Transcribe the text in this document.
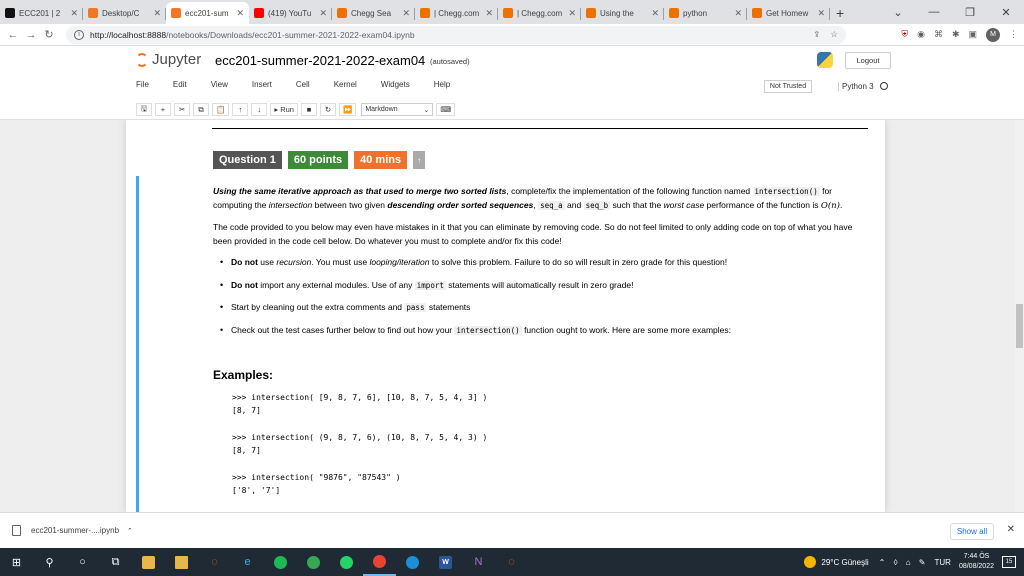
ECC201 | 2	✕	Desktop/C	✕	ecc201-sum ✕	(419) YouTu ✕	Chegg Sea	✕	| Chegg.com ✕	| Chegg.com ✕	Using the	✕	python	✕	Get Homew	✕ +	⌄	—	❐	✕
← → ↻	i	http://localhost:8888 /notebooks/Downloads/ecc201-summer-2021-2022-exam04.ipynb	⇪ ☆	⛨ ◉ ⌘ ✱ ▣	M	⋮
Jupyter ecc201-summer-2021-2022-exam04 (autosaved)	Logout
File	Edit	View	Insert	Cell	Kernel	Widgets	Help	Not Trusted	Python 3
🖫	+	✂	⧉	📋	↑	↓	▸ Run	■	↻	⏩	Markdown	⌄	⌨
Question 1	60 points	40 mins	↑

Using the same iterative approach as that used to merge two sorted lists, complete/fix the implementation of the following function named intersection() for computing the intersection between two given descending order sorted sequences, seq_a and seq_b such that the worst case performance of the function is O(n).

The code provided to you below may even have mistakes in it that you can eliminate by removing code. So do not feel limited to only adding code on top of what you have been provided in the code cell below. Do whatever you must to complete and/or fix this code!

• Do not use recursion. You must use looping/iteration to solve this problem. Failure to do so will result in zero grade for this question!
• Do not import any external modules. Use of any import statements will automatically result in zero grade!
• Start by cleaning out the extra comments and pass statements
• Check out the test cases further below to find out how your intersection() function ought to work. Here are some more examples:
Examples:
>>> intersection( [9, 8, 7, 6], [10, 8, 7, 5, 4, 3] )
[8, 7]
>>> intersection( (9, 8, 7, 6), (10, 8, 7, 5, 4, 3) )
[8, 7]
>>> intersection( "9876", "87543" )
['8', '7']
ecc201-summer-....ipynb ⌃	Show all	✕
⊞	⚲	○	⧉	◌ e	W N ◌	29°C Güneşli ⌃ ◊ ⌂ ✎ TUR
7:44 ÖS
08/08/2022
15
